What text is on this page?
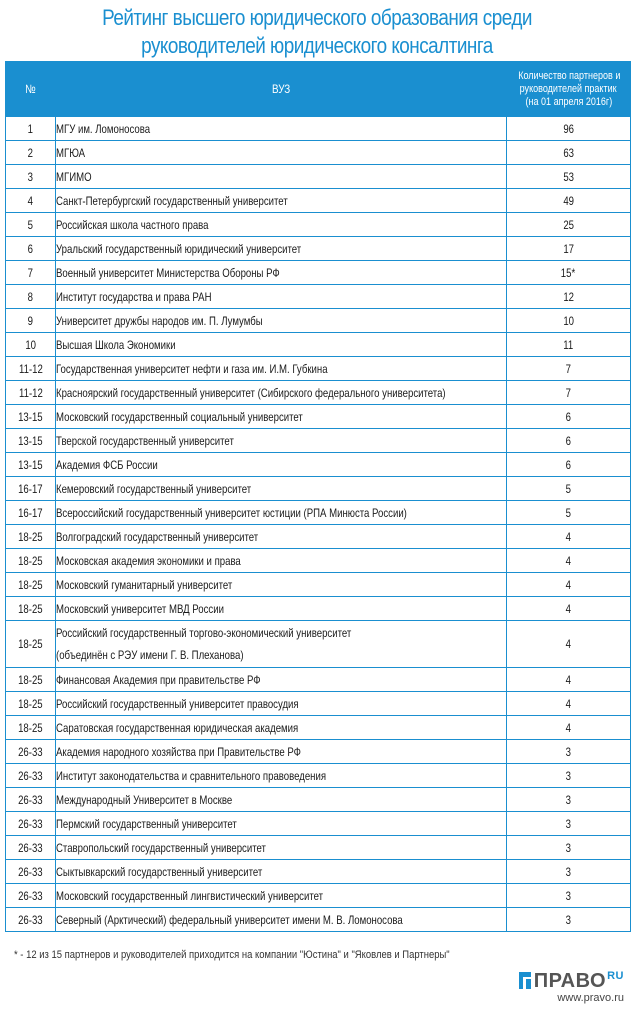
Рейтинг высшего юридического образования среди
руководителей юридического консалтинга
№	ВУЗ	Количество партнеров и
руководителей практик
(на 01 апреля 2016г)
1	МГУ им. Ломоносова	96
2	МГЮА	63
3	МГИМО	53
4	Санкт-Петербургский государственный университет	49
5	Российская школа частного права	25
6	Уральский государственный юридический университет	17
7	Военный университет Министерства Обороны РФ	15*
8	Институт государства и права РАН	12
9	Университет дружбы народов им. П. Лумумбы	10
10	Высшая Школа Экономики	11
11-12	Государственная университет нефти и газа им. И.М. Губкина	7
11-12	Красноярский государственный университет (Сибирского федерального университета)	7
13-15	Московский государственный социальный университет	6
13-15	Тверской государственный университет	6
13-15	Академия ФСБ России	6
16-17	Кемеровский государственный университет	5
16-17	Всероссийский государственный университет юстиции (РПА Минюста России)	5
18-25	Волгоградский государственный университет	4
18-25	Московская академия экономики и права	4
18-25	Московский гуманитарный университет	4
18-25	Московский университет МВД России	4
18-25	Российский государственный торгово-экономический университет
(объединён с РЭУ имени Г. В. Плеханова)	4
18-25	Финансовая Академия при правительстве РФ	4
18-25	Российский государственный университет правосудия	4
18-25	Саратовская государственная юридическая академия	4
26-33	Академия народного хозяйства при Правительстве РФ	3
26-33	Институт законодательства и сравнительного правоведения	3
26-33	Международный Университет в Москве	3
26-33	Пермский государственный университет	3
26-33	Ставропольский государственный университет	3
26-33	Сыктывкарский государственный университет	3
26-33	Московский государственный лингвистический университет	3
26-33	Северный (Арктический) федеральный университет имени М. В. Ломоносова	3
* - 12 из 15 партнеров и руководителей приходится на компании "Юстина" и "Яковлев и Партнеры"
$ПРАВО^{RU}$
www.pravo.ru
